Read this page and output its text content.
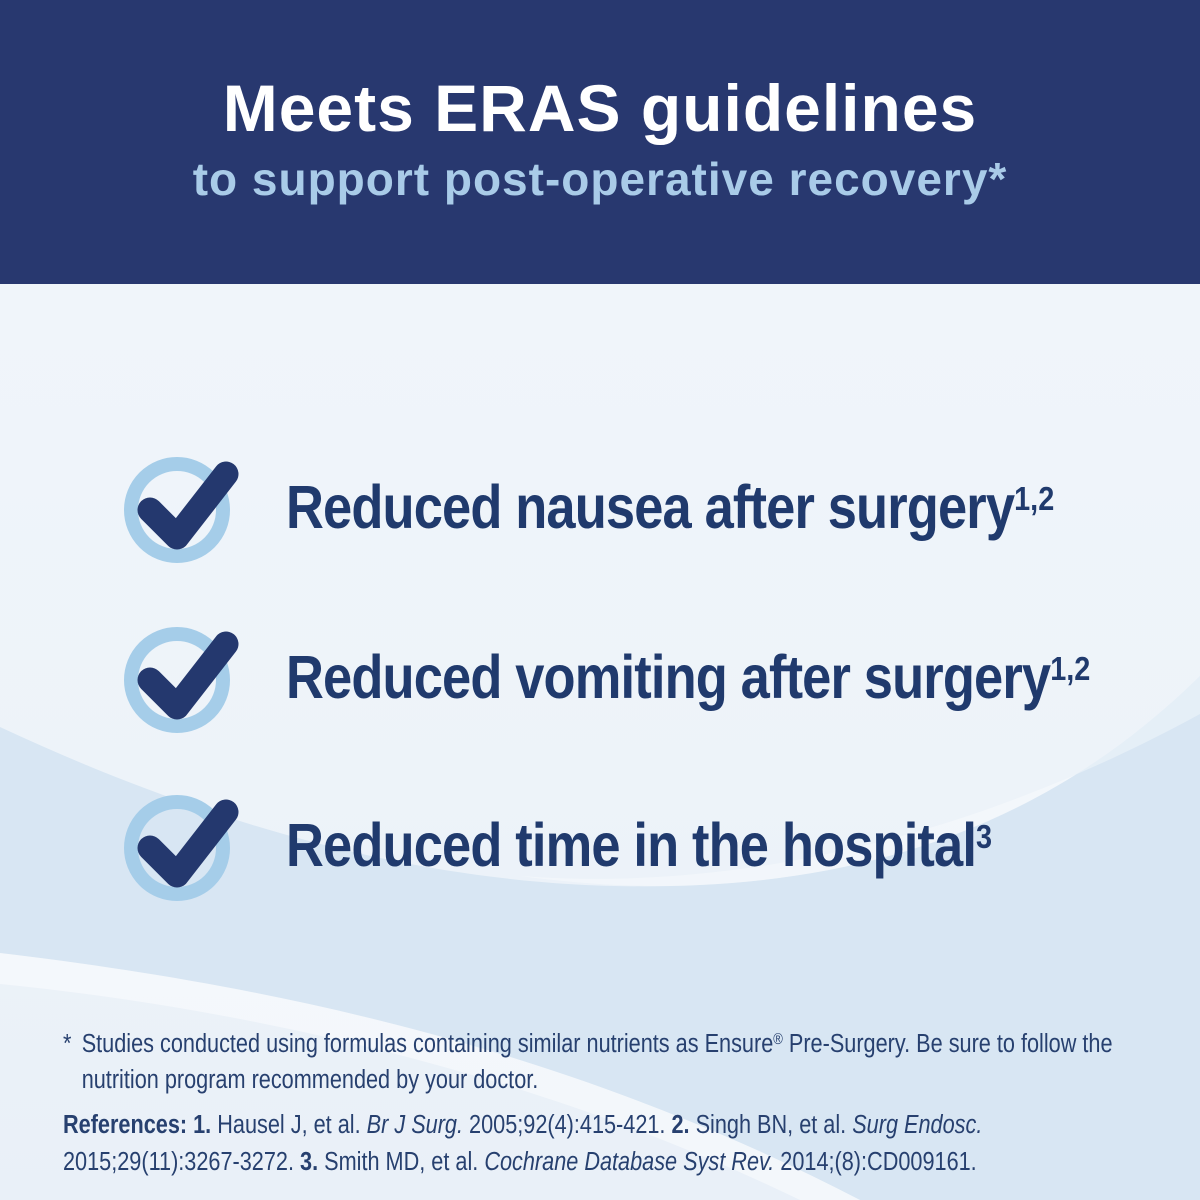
Meets ERAS guidelines
to support post-operative recovery*
Reduced nausea after surgery$^{1,2}$
Reduced vomiting after surgery$^{1,2}$
Reduced time in the hospital$^3$
* Studies conducted using formulas containing similar nutrients as Ensure® Pre-Surgery. Be sure to follow the nutrition program recommended by your doctor.
References: 1. Hausel J, et al. Br J Surg. 2005;92(4):415-421. 2. Singh BN, et al. Surg Endosc. 2015;29(11):3267-3272. 3. Smith MD, et al. Cochrane Database Syst Rev. 2014;(8):CD009161.
